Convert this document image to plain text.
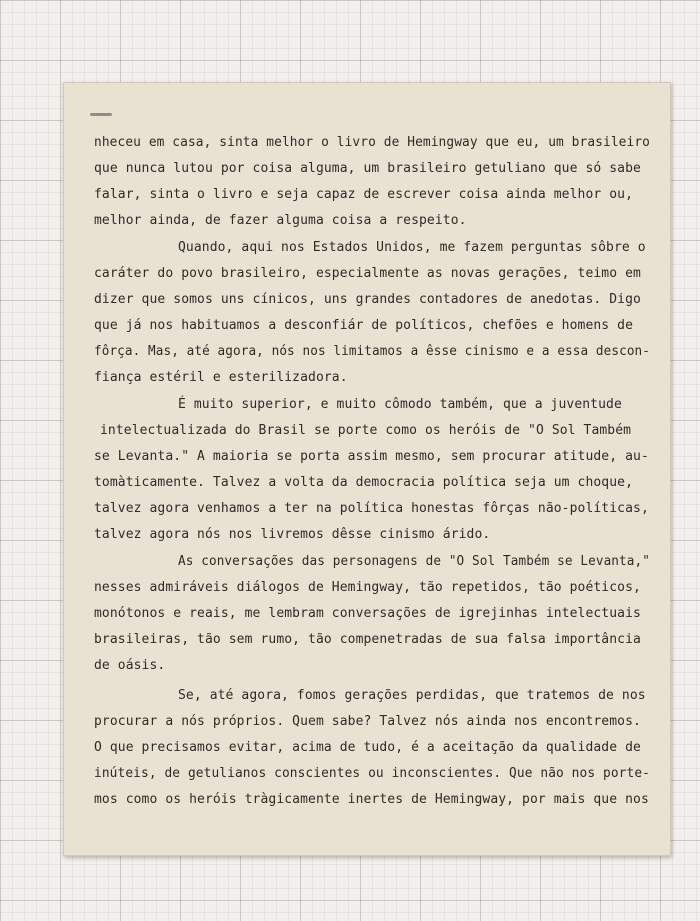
nheceu em casa, sinta melhor o livro de Hemingway que eu, um brasileiro
que nunca lutou por coisa alguma, um brasileiro getuliano que só sabe
falar, sinta o livro e seja capaz de escrever coisa ainda melhor ou,
melhor ainda, de fazer alguma coisa a respeito.
Quando, aqui nos Estados Unidos, me fazem perguntas sôbre o
caráter do povo brasileiro, especialmente as novas gerações, teimo em
dizer que somos uns cínicos, uns grandes contadores de anedotas. Digo
que já nos habituamos a desconfiár de políticos, chefões e homens de
fôrça. Mas, até agora, nós nos limitamos a êsse cinismo e a essa descon-
fiança estéril e esterilizadora.
É muito superior, e muito cômodo também, que a juventude
intelectualizada do Brasil se porte como os heróis de "O Sol Também
se Levanta." A maioria se porta assim mesmo, sem procurar atitude, au-
tomàticamente. Talvez a volta da democracia política seja um choque,
talvez agora venhamos a ter na política honestas fôrças não-políticas,
talvez agora nós nos livremos dêsse cinismo árido.
As conversações das personagens de "O Sol Também se Levanta,"
nesses admiráveis diálogos de Hemingway, tão repetidos, tão poéticos,
monótonos e reais, me lembram conversações de igrejinhas intelectuais
brasileiras, tão sem rumo, tão compenetradas de sua falsa importância
de oásis.
Se, até agora, fomos gerações perdidas, que tratemos de nos
procurar a nós próprios. Quem sabe? Talvez nós ainda nos encontremos.
O que precisamos evitar, acima de tudo, é a aceitação da qualidade de
inúteis, de getulianos conscientes ou inconscientes. Que não nos porte-
mos como os heróis tràgicamente inertes de Hemingway, por mais que nos
